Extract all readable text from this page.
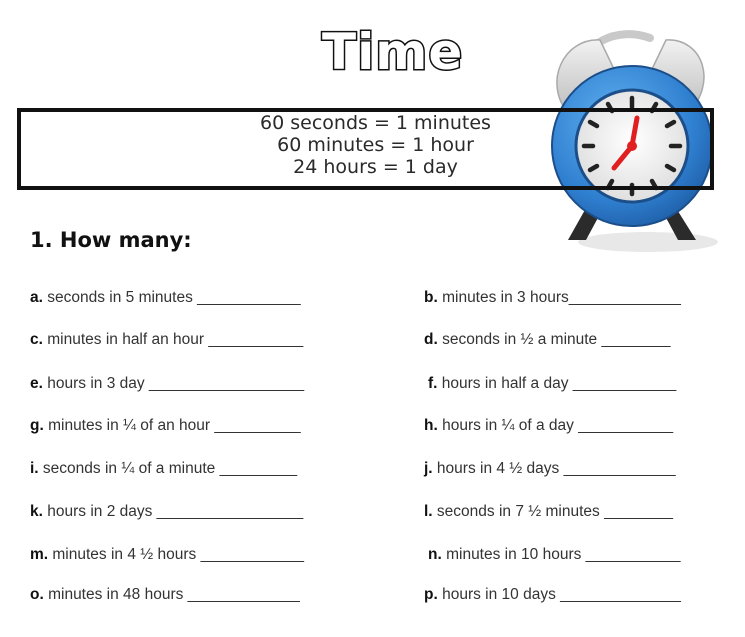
Time
60 seconds = 1 minutes
60 minutes = 1 hour
24 hours = 1 day
1. How many:
a. seconds in 5 minutes ____________	b. minutes in 3 hours_____________
c. minutes in half an hour ___________	d. seconds in ½ a minute ________
e. hours in 3 day __________________	f. hours in half a day ____________
g. minutes in ¼ of an hour __________	h. hours in ¼ of a day ___________
i. seconds in ¼ of a minute _________	j. hours in 4 ½ days _____________
k. hours in 2 days _________________	l. seconds in 7 ½ minutes ________
m. minutes in 4 ½ hours ____________	n. minutes in 10 hours ___________
o. minutes in 48 hours _____________	p. hours in 10 days ______________
